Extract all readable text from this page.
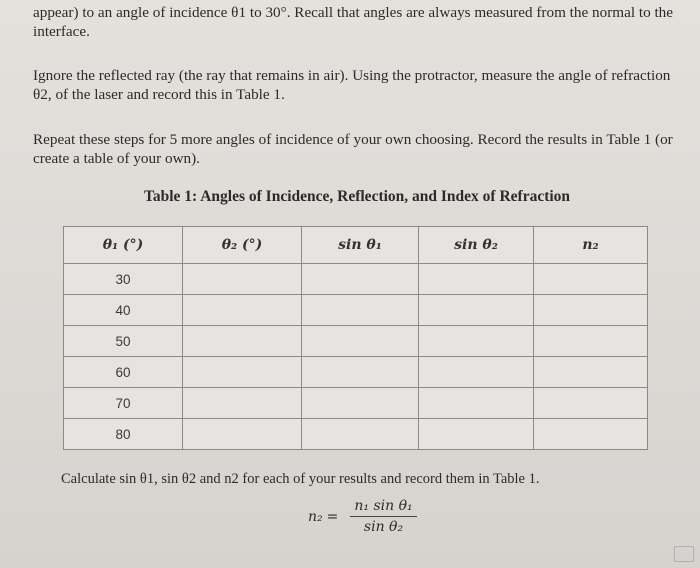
appear) to an angle of incidence θ1 to 30°. Recall that angles are always measured from the normal to the interface.
Ignore the reflected ray (the ray that remains in air). Using the protractor, measure the angle of refraction θ2, of the laser and record this in Table 1.
Repeat these steps for 5 more angles of incidence of your own choosing. Record the results in Table 1 (or create a table of your own).
Table 1: Angles of Incidence, Reflection, and Index of Refraction
θ₁ (°)	θ₂ (°)	sin θ₁	sin θ₂	n₂
30				
40				
50				
60				
70				
80				
Calculate sin θ1, sin θ2 and n2 for each of your results and record them in Table 1.
$n_2 = \frac{\text{n₁ sin θ₁}}{\text{sin θ₂}}$
